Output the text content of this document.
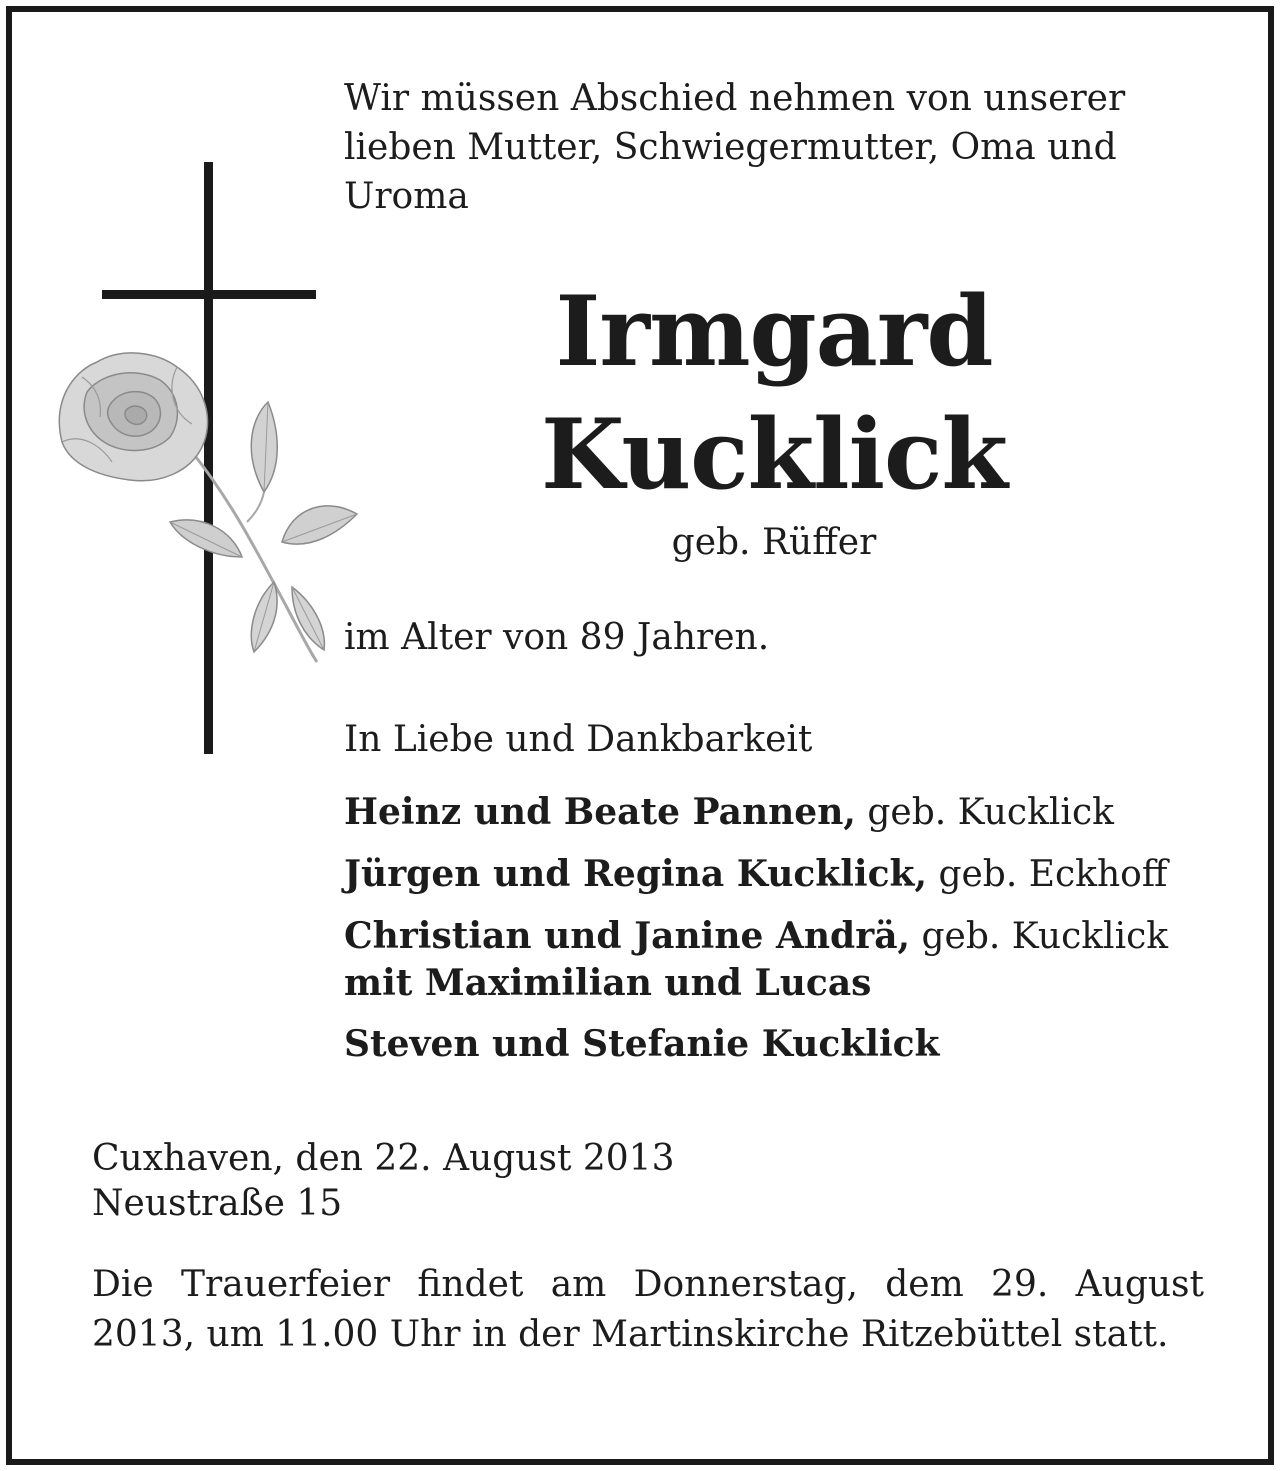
Wir müssen Abschied nehmen von unserer lieben Mutter, Schwiegermutter, Oma und Uroma
Irmgard
Kucklick
geb. Rüffer
im Alter von 89 Jahren.
In Liebe und Dankbarkeit
Heinz und Beate Pannen, geb. Kucklick
Jürgen und Regina Kucklick, geb. Eckhoff
Christian und Janine Andrä, geb. Kucklick
mit Maximilian und Lucas
Steven und Stefanie Kucklick
Cuxhaven, den 22. August 2013
Neustraße 15
Die Trauerfeier findet am Donnerstag, dem 29. August 2013, um 11.00 Uhr in der Martinskirche Ritzebüttel statt.
